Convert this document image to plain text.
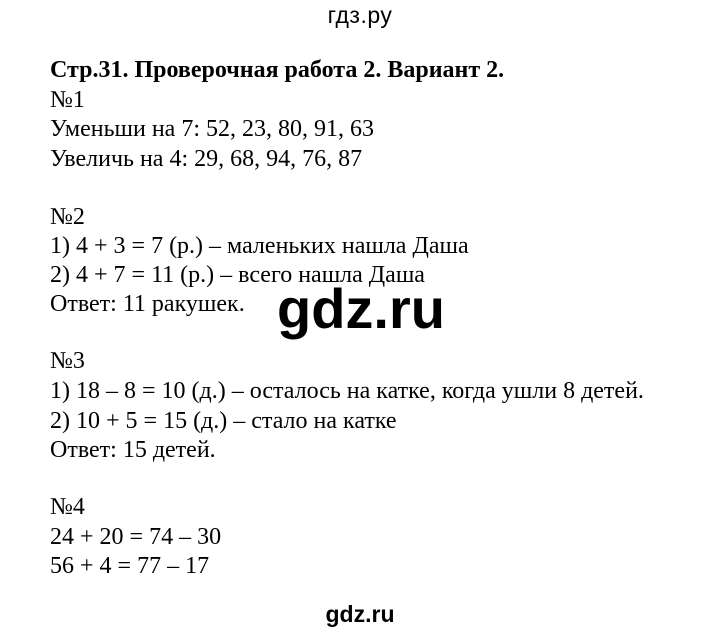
гдз.ру
Стр.31. Проверочная работа 2. Вариант 2.
№1
Уменьши на 7: 52, 23, 80, 91, 63
Увеличь на 4: 29, 68, 94, 76, 87
№2
1) 4 + 3 = 7 (р.) – маленьких нашла Даша
2) 4 + 7 = 11 (р.) – всего нашла Даша
Ответ: 11 ракушек.
№3
1) 18 – 8 = 10 (д.) – осталось на катке, когда ушли 8 детей.
2) 10 + 5 = 15 (д.) – стало на катке
Ответ: 15 детей.
№4
24 + 20 = 74 – 30
56 + 4 = 77 – 17
gdz.ru
gdz.ru
